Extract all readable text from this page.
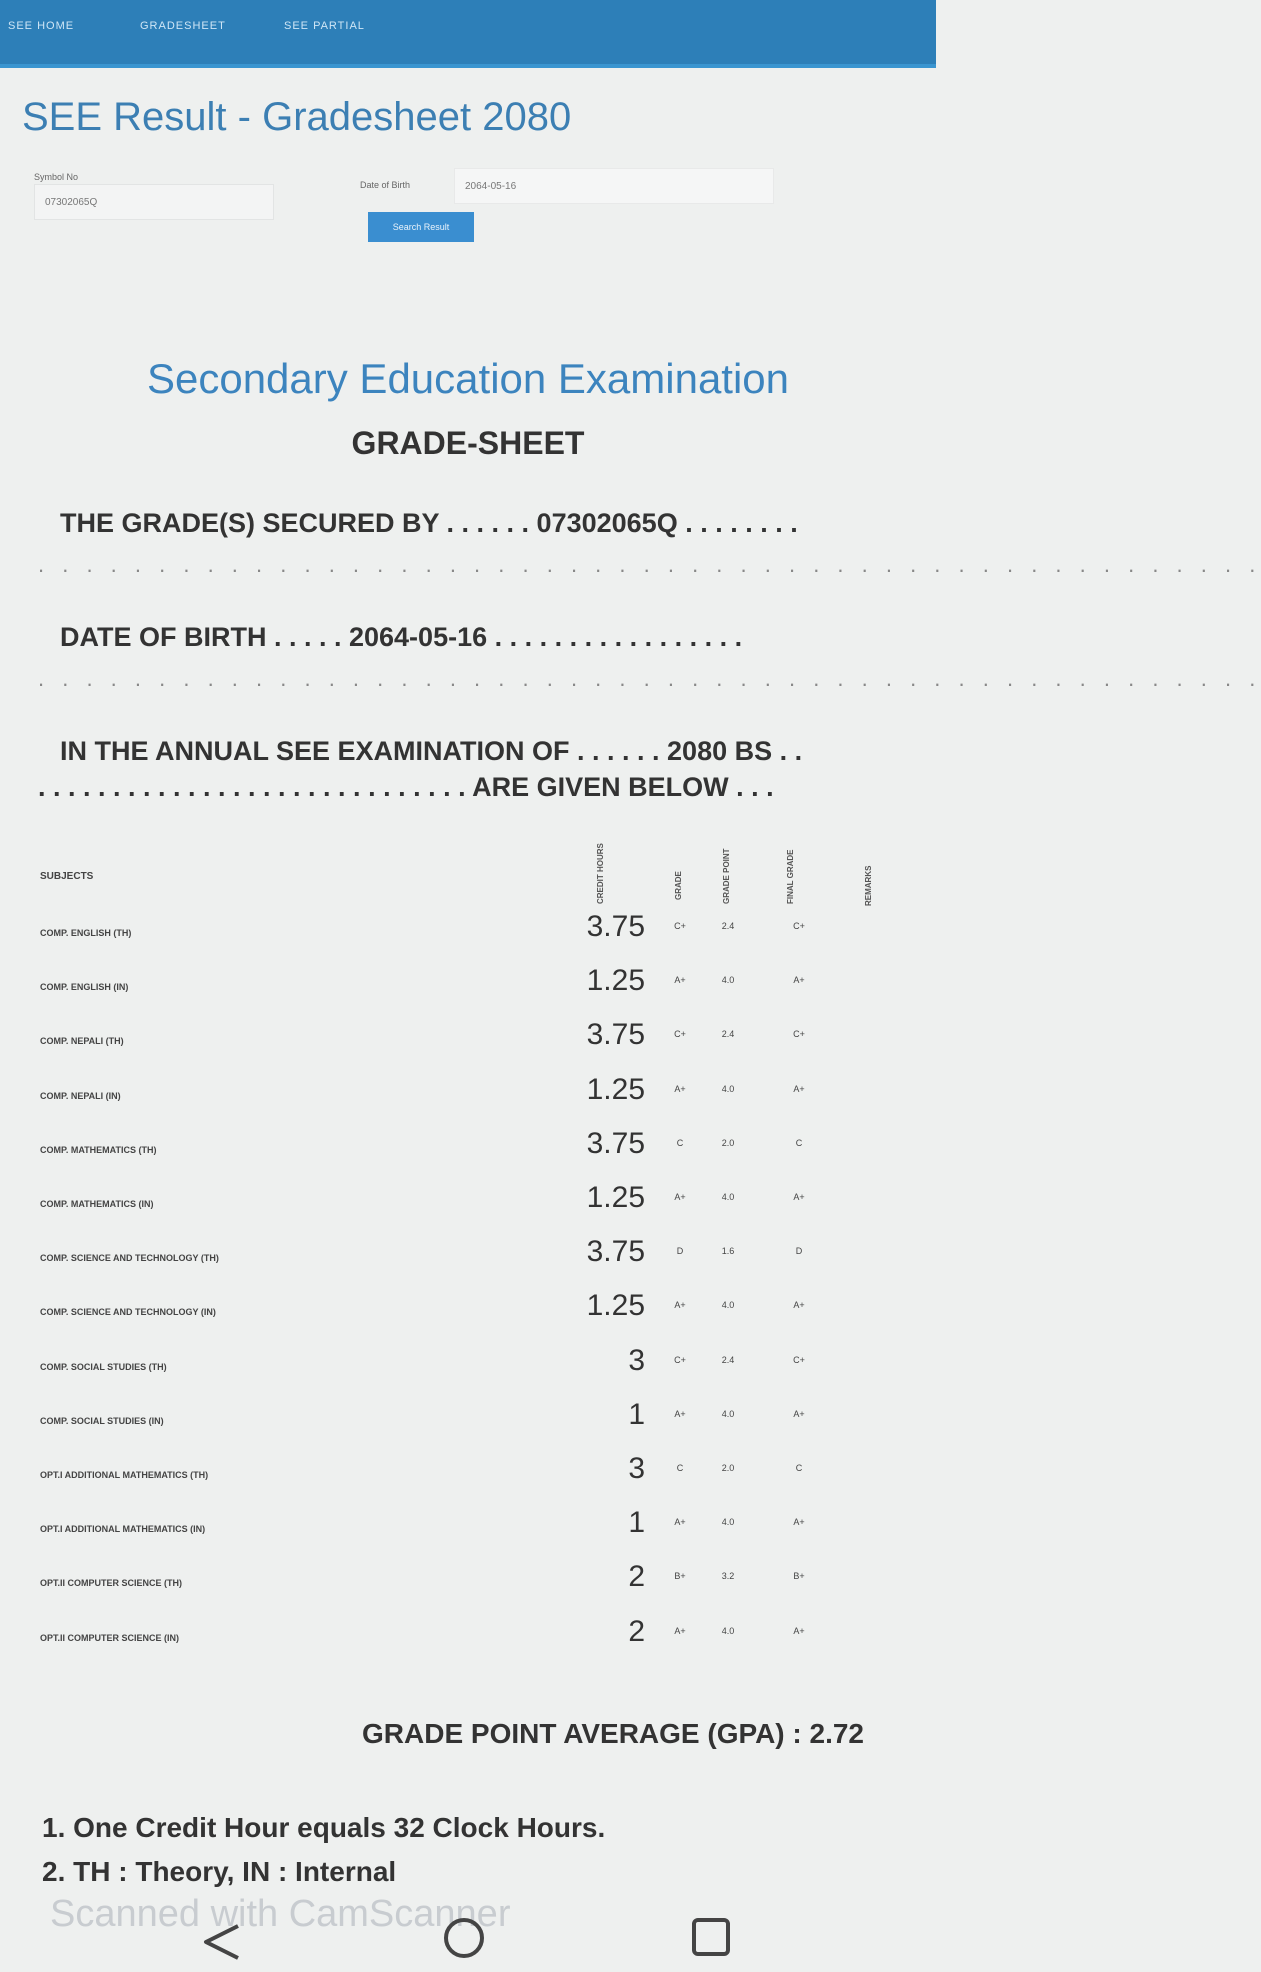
SEE HOME	GRADESHEET	SEE PARTIAL
SEE Result - Gradesheet 2080
Symbol No
07302065Q
Date of Birth	2064-05-16
Search Result
Secondary Education Examination
GRADE-SHEET
THE GRADE(S) SECURED BY . . . . . . 07302065Q . . . . . . . .
. . . . . . . . . . . . . . . . . . . . . . . . . . . . . . . . . . . . . . . . . . . . . . . . . . .
DATE OF BIRTH . . . . . 2064-05-16 . . . . . . . . . . . . . . . . .
. . . . . . . . . . . . . . . . . . . . . . . . . . . . . . . . . . . . . . . . . . . . . . . . . . .
IN THE ANNUAL SEE EXAMINATION OF . . . . . . 2080 BS . .
. . . . . . . . . . . . . . . . . . . . . . . . . . . . . ARE GIVEN BELOW . . .
SUBJECTS	CREDIT HOURS	GRADE	GRADE POINT	FINAL GRADE	REMARKS
COMP. ENGLISH (TH)	3.75	C+	2.4	C+
COMP. ENGLISH (IN)	1.25	A+	4.0	A+
COMP. NEPALI (TH)	3.75	C+	2.4	C+
COMP. NEPALI (IN)	1.25	A+	4.0	A+
COMP. MATHEMATICS (TH)	3.75	C	2.0	C
COMP. MATHEMATICS (IN)	1.25	A+	4.0	A+
COMP. SCIENCE AND TECHNOLOGY (TH)	3.75	D	1.6	D
COMP. SCIENCE AND TECHNOLOGY (IN)	1.25	A+	4.0	A+
COMP. SOCIAL STUDIES (TH)	3	C+	2.4	C+
COMP. SOCIAL STUDIES (IN)	1	A+	4.0	A+
OPT.I ADDITIONAL MATHEMATICS (TH)	3	C	2.0	C
OPT.I ADDITIONAL MATHEMATICS (IN)	1	A+	4.0	A+
OPT.II COMPUTER SCIENCE (TH)	2	B+	3.2	B+
OPT.II COMPUTER SCIENCE (IN)	2	A+	4.0	A+
GRADE POINT AVERAGE (GPA) : 2.72
1. One Credit Hour equals 32 Clock Hours.
2. TH : Theory, IN : Internal
Scanned with CamScanner
